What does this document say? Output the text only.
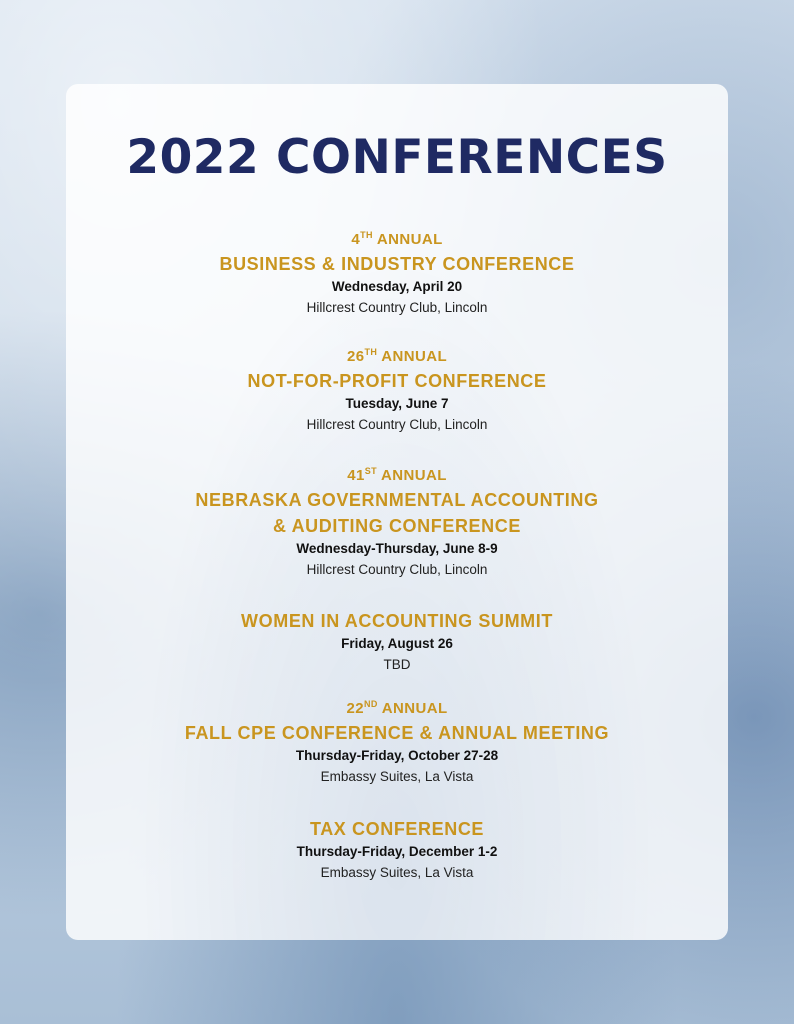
2022 CONFERENCES
4TH ANNUAL
BUSINESS & INDUSTRY CONFERENCE
Wednesday, April 20
Hillcrest Country Club, Lincoln
26TH ANNUAL
NOT-FOR-PROFIT CONFERENCE
Tuesday, June 7
Hillcrest Country Club, Lincoln
41ST ANNUAL
NEBRASKA GOVERNMENTAL ACCOUNTING
& AUDITING CONFERENCE
Wednesday-Thursday, June 8-9
Hillcrest Country Club, Lincoln
WOMEN IN ACCOUNTING SUMMIT
Friday, August 26
TBD
22ND ANNUAL
FALL CPE CONFERENCE & ANNUAL MEETING
Thursday-Friday, October 27-28
Embassy Suites, La Vista
TAX CONFERENCE
Thursday-Friday, December 1-2
Embassy Suites, La Vista
